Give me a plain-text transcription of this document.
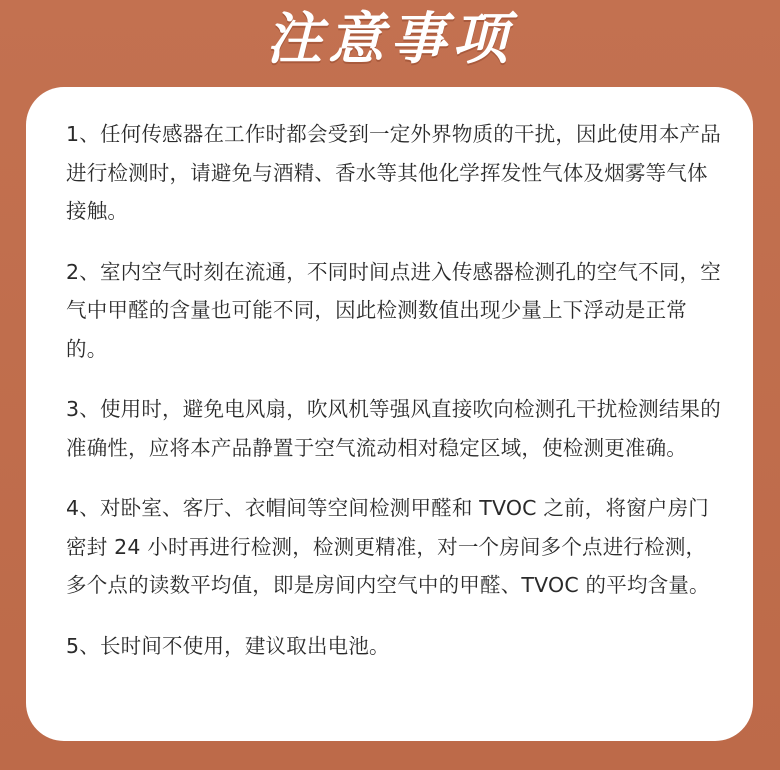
注意事项

1、任何传感器在工作时都会受到一定外界物质的干扰，因此使用本产品进行检测时，请避免与酒精、香水等其他化学挥发性气体及烟雾等气体接触。

2、室内空气时刻在流通，不同时间点进入传感器检测孔的空气不同，空气中甲醛的含量也可能不同，因此检测数值出现少量上下浮动是正常的。

3、使用时，避免电风扇，吹风机等强风直接吹向检测孔干扰检测结果的准确性，应将本产品静置于空气流动相对稳定区域，使检测更准确。

4、对卧室、客厅、衣帽间等空间检测甲醛和 TVOC 之前，将窗户房门密封 24 小时再进行检测，检测更精准，对一个房间多个点进行检测，多个点的读数平均值，即是房间内空气中的甲醛、TVOC 的平均含量。

5、长时间不使用，建议取出电池。
